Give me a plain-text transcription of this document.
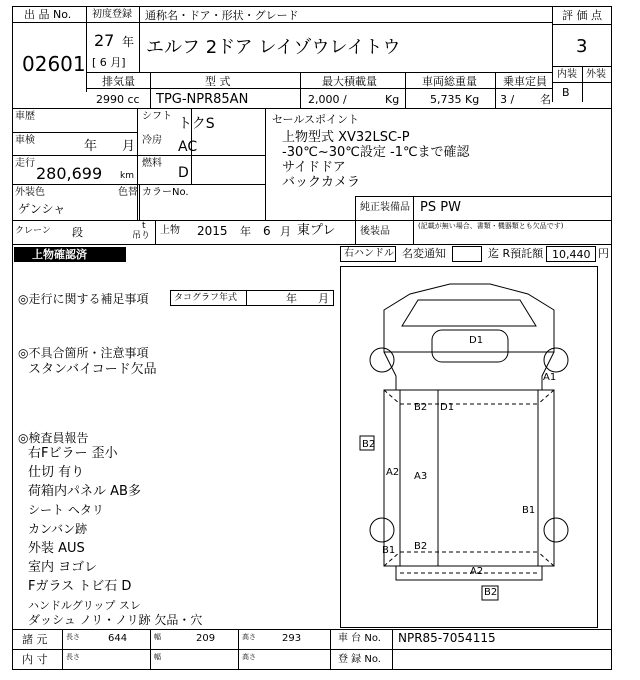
出 品 No.
02601
初度登録
27 年
[ 6 月]
通称名・ドア・形状・グレード
エルフ 2ドア レイゾウレイトウ
評 価 点
3
内装 外装
B
排気量
2990 cc
型 式
TPG-NPR85AN
最大積載量
2,000 /	Kg
車両総重量
5,735 Kg
乗車定員
3 / 名
車歴	シフト トクS
車検	年 月 冷房 AC
走行
280,699 km
燃料
D
外装色
ゲンシャ
色替 カラーNo.
セールスポイント
上物型式 XV32LSC-P
-30℃~30℃設定 -1℃まで確認
サイドドア
バックカメラ
純正装備品 PS PW
後装品	(記載が無い場合、書類・機器類とも欠品です)
クレーン 段	t
吊り 上物 2015 年 6 月 東プレ
上物確認済	右ハンドル 名変通知	迄 R預託額 10,440 円
◎走行に関する補足事項	タコグラフ年式	年 月
◎不具合箇所・注意事項
スタンバイコード欠品
◎検査員報告
右Fビラー 歪小
仕切 有り
荷箱内パネル AB多
シート ヘタリ
カンバン跡
外装 AUS
室内 ヨゴレ
Fガラス トビ石 D
ハンドルグリップ スレ
ダッシュ ノリ・ノリ跡 欠品・穴
D1
A1
B2 D1
B2
A2 A3
B1
B1 B2
A2
B2
諸 元	長さ	644	幅	209	高さ	293	車 台 No. NPR85-7054115
内 寸	長さ	幅	高さ	登 録 No.
